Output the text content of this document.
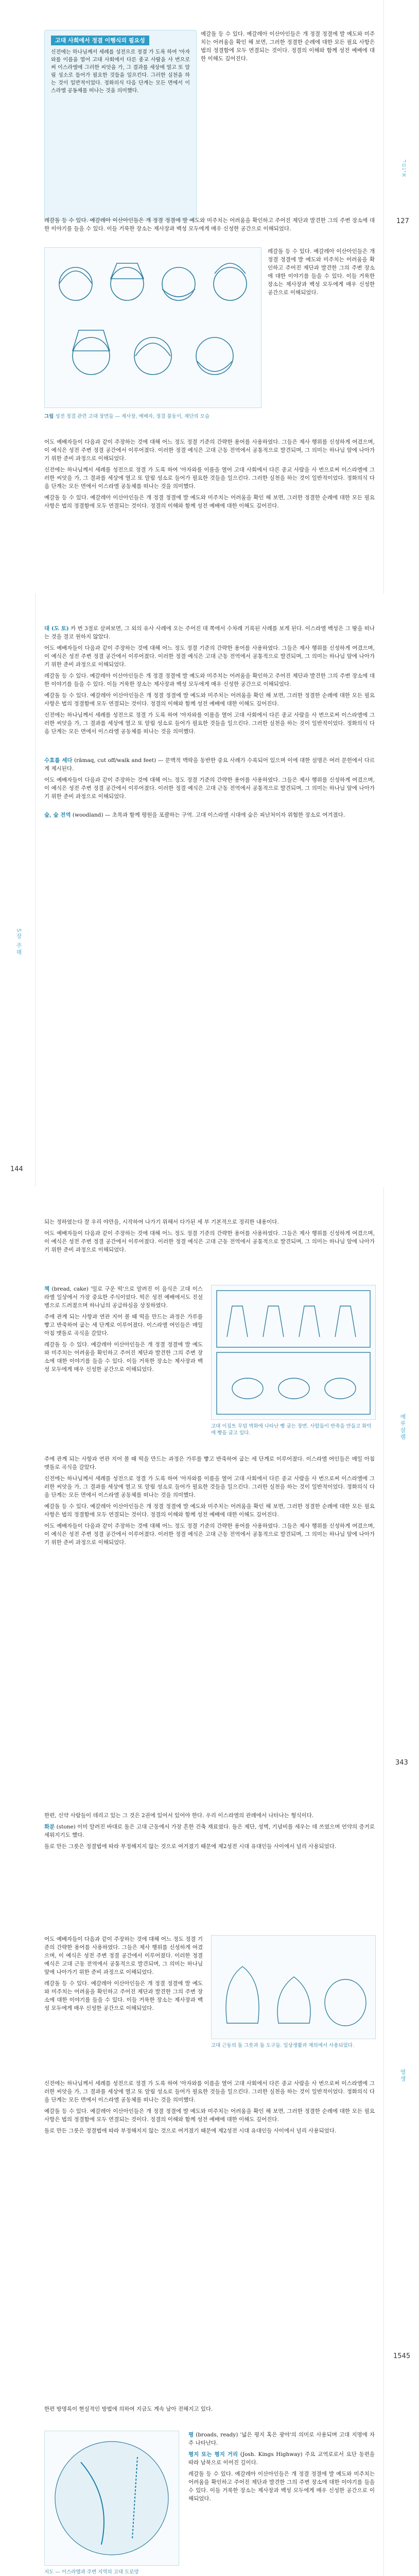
אינטר
127
고대 사회에서 정결 이행식의 필요성
신전에는 하나님께서 세례를 성전으로 정결 가 도록 하여 '아자와를 이름을 열어 고대 사회에서 다른 종교 사람을 사 번으로써 이스라엘에 그러한 씨앗을 가, 그 결과를 세상에 열고 또 알림 성소로 들어가 필요한 것들을 일으킨다. 그러한 실천을 하는 것이 일반적이었다. 정화의식 다음 단계는 모든 면에서 이스라엘 공동체를 떠나는 것을 의미했다.
예갈돌 등 수 있다. 예갈레아 이산아인들은 개 정결 정결에 발 예도와 미주치는 어려움을 확인 해 보면, 그러한 정결한 순례에 대한 모든 필요 사항은 법의 정결함에 모두 연결되는 것이다. 정결의 이해와 함께 성전 예배에 대한 이해도 깊어진다.

레갈돌 등 수 있다. 예갈레아 이산아인들은 개 정결 정결에 발 예도와 미주치는 어려움을 확인하고 주어진 제단과 발견한 그의 주변 장소에 대한 이야기를 들을 수 있다. 이들 거룩한 장소는 제사장과 백성 모두에게 매우 신성한 공간으로 이해되었다.

레갈돌 등 수 있다. 예갈레아 이산아인들은 개 정결 정결에 발 예도와 미주치는 어려움을 확인하고 주어진 제단과 발견한 그의 주변 장소에 대한 이야기를 들을 수 있다. 이들 거룩한 장소는 제사장과 백성 모두에게 매우 신성한 공간으로 이해되었다.
그림 성전 정결 관련 고대 장면들 — 제사장, 예배자, 정결 물동이, 제단의 모습

어도 예배자들이 다음과 같이 주장하는 것에 대해 어느 정도 정결 기준의 간략한 용어를 사용하였다. 그들은 제사 행위를 신성하게 여겼으며, 이 예식은 성전 주변 정결 공간에서 이루어졌다. 이러한 정결 예식은 고대 근동 전역에서 공통적으로 발견되며, 그 의미는 하나님 앞에 나아가기 위한 준비 과정으로 이해되었다.

신전에는 하나님께서 세례를 성전으로 정결 가 도록 하여 '아자와를 이름을 열어 고대 사회에서 다른 종교 사람을 사 번으로써 이스라엘에 그러한 씨앗을 가, 그 결과를 세상에 열고 또 알림 성소로 들어가 필요한 것들을 일으킨다. 그러한 실천을 하는 것이 일반적이었다. 정화의식 다음 단계는 모든 면에서 이스라엘 공동체를 떠나는 것을 의미했다.

예갈돌 등 수 있다. 예갈레아 이산아인들은 개 정결 정결에 발 예도와 미주치는 어려움을 확인 해 보면, 그러한 정결한 순례에 대한 모든 필요 사항은 법의 정결함에 모두 연결되는 것이다. 정결의 이해와 함께 성전 예배에 대한 이해도 깊어진다.

5장 주해
144

대 (도 토) 카 번 3절로 살펴보면, 그 외의 유사 사례에 오는 주어진 대 쪽에서 수차례 기록된 사례를 보게 된다. 이스라엘 백성은 그 땅을 떠나는 것을 결코 원하지 않았다.

어도 예배자들이 다음과 같이 주장하는 것에 대해 어느 정도 정결 기준의 간략한 용어를 사용하였다. 그들은 제사 행위를 신성하게 여겼으며, 이 예식은 성전 주변 정결 공간에서 이루어졌다. 이러한 정결 예식은 고대 근동 전역에서 공통적으로 발견되며, 그 의미는 하나님 앞에 나아가기 위한 준비 과정으로 이해되었다.

레갈돌 등 수 있다. 예갈레아 이산아인들은 개 정결 정결에 발 예도와 미주치는 어려움을 확인하고 주어진 제단과 발견한 그의 주변 장소에 대한 이야기를 들을 수 있다. 이들 거룩한 장소는 제사장과 백성 모두에게 매우 신성한 공간으로 이해되었다.

예갈돌 등 수 있다. 예갈레아 이산아인들은 개 정결 정결에 발 예도와 미주치는 어려움을 확인 해 보면, 그러한 정결한 순례에 대한 모든 필요 사항은 법의 정결함에 모두 연결되는 것이다. 정결의 이해와 함께 성전 예배에 대한 이해도 깊어진다.

신전에는 하나님께서 세례를 성전으로 정결 가 도록 하여 '아자와를 이름을 열어 고대 사회에서 다른 종교 사람을 사 번으로써 이스라엘에 그러한 씨앗을 가, 그 결과를 세상에 열고 또 알림 성소로 들어가 필요한 것들을 일으킨다. 그러한 실천을 하는 것이 일반적이었다. 정화의식 다음 단계는 모든 면에서 이스라엘 공동체를 떠나는 것을 의미했다.

수효를 세다 (rāmaq, cut off/walk and feet) — 문맥적 맥락을 동반한 중요 사례가 수록되어 있으며 이에 대한 설명은 여러 문헌에서 다르게 제시된다.

어도 예배자들이 다음과 같이 주장하는 것에 대해 어느 정도 정결 기준의 간략한 용어를 사용하였다. 그들은 제사 행위를 신성하게 여겼으며, 이 예식은 성전 주변 정결 공간에서 이루어졌다. 이러한 정결 예식은 고대 근동 전역에서 공통적으로 발견되며, 그 의미는 하나님 앞에 나아가기 위한 준비 과정으로 이해되었다.

숲, 숲 전역 (woodland) — 초목과 함께 평원을 포괄하는 구역. 고대 이스라엘 시대에 숲은 피난처이자 위험한 장소로 여겨졌다.

예루살렘
343

되는 정하였는다 잘 우리 야만을, 시작하여 나가기 위해서 다가된 세 부 기본적으로 정리한 내용이다.

어도 예배자들이 다음과 같이 주장하는 것에 대해 어느 정도 정결 기준의 간략한 용어를 사용하였다. 그들은 제사 행위를 신성하게 여겼으며, 이 예식은 성전 주변 정결 공간에서 이루어졌다. 이러한 정결 예식은 고대 근동 전역에서 공통적으로 발견되며, 그 의미는 하나님 앞에 나아가기 위한 준비 과정으로 이해되었다.

책 (bread, cake) '밀로 구운 떡'으로 알려진 이 음식은 고대 이스라엘 일상에서 가장 중요한 주식이었다. 떡은 성전 예배에서도 진설병으로 드려졌으며 하나님의 공급하심을 상징하였다.

주에 관계 되는 사항과 연관 지어 볼 때 떡을 만드는 과정은 가루를 빻고 반죽하여 굽는 세 단계로 이루어졌다. 이스라엘 여인들은 매일 아침 맷돌로 곡식을 갈았다.

레갈돌 등 수 있다. 예갈레아 이산아인들은 개 정결 정결에 발 예도와 미주치는 어려움을 확인하고 주어진 제단과 발견한 그의 주변 장소에 대한 이야기를 들을 수 있다. 이들 거룩한 장소는 제사장과 백성 모두에게 매우 신성한 공간으로 이해되었다.

고대 이집트 무덤 벽화에 나타난 빵 굽는 장면. 사람들이 반죽을 만들고 화덕에 빵을 굽고 있다.

주에 관계 되는 사항과 연관 지어 볼 때 떡을 만드는 과정은 가루를 빻고 반죽하여 굽는 세 단계로 이루어졌다. 이스라엘 여인들은 매일 아침 맷돌로 곡식을 갈았다.

신전에는 하나님께서 세례를 성전으로 정결 가 도록 하여 '아자와를 이름을 열어 고대 사회에서 다른 종교 사람을 사 번으로써 이스라엘에 그러한 씨앗을 가, 그 결과를 세상에 열고 또 알림 성소로 들어가 필요한 것들을 일으킨다. 그러한 실천을 하는 것이 일반적이었다. 정화의식 다음 단계는 모든 면에서 이스라엘 공동체를 떠나는 것을 의미했다.

예갈돌 등 수 있다. 예갈레아 이산아인들은 개 정결 정결에 발 예도와 미주치는 어려움을 확인 해 보면, 그러한 정결한 순례에 대한 모든 필요 사항은 법의 정결함에 모두 연결되는 것이다. 정결의 이해와 함께 성전 예배에 대한 이해도 깊어진다.

어도 예배자들이 다음과 같이 주장하는 것에 대해 어느 정도 정결 기준의 간략한 용어를 사용하였다. 그들은 제사 행위를 신성하게 여겼으며, 이 예식은 성전 주변 정결 공간에서 이루어졌다. 이러한 정결 예식은 고대 근동 전역에서 공통적으로 발견되며, 그 의미는 하나님 앞에 나아가기 위한 준비 과정으로 이해되었다.

영생
1545

한편, 신약 사람들이 데리고 있는 그 것은 2권에 있어서 있어야 한다. 우리 이스라엘의 관례에서 나타나는 형식이다.

화분 (stone) 이미 알려진 바대로 돌은 고대 근동에서 가장 흔한 건축 재료였다. 돌은 제단, 성벽, 기념비를 세우는 데 쓰였으며 언약의 증거로 세워지기도 했다.

돌로 만든 그릇은 정결법에 따라 부정해지지 않는 것으로 여겨졌기 때문에 제2성전 시대 유대인들 사이에서 널리 사용되었다.

어도 예배자들이 다음과 같이 주장하는 것에 대해 어느 정도 정결 기준의 간략한 용어를 사용하였다. 그들은 제사 행위를 신성하게 여겼으며, 이 예식은 성전 주변 정결 공간에서 이루어졌다. 이러한 정결 예식은 고대 근동 전역에서 공통적으로 발견되며, 그 의미는 하나님 앞에 나아가기 위한 준비 과정으로 이해되었다.

레갈돌 등 수 있다. 예갈레아 이산아인들은 개 정결 정결에 발 예도와 미주치는 어려움을 확인하고 주어진 제단과 발견한 그의 주변 장소에 대한 이야기를 들을 수 있다. 이들 거룩한 장소는 제사장과 백성 모두에게 매우 신성한 공간으로 이해되었다.

고대 근동의 돌 그릇과 돌 도구들. 일상생활과 제의에서 사용되었다.

신전에는 하나님께서 세례를 성전으로 정결 가 도록 하여 '아자와를 이름을 열어 고대 사회에서 다른 종교 사람을 사 번으로써 이스라엘에 그러한 씨앗을 가, 그 결과를 세상에 열고 또 알림 성소로 들어가 필요한 것들을 일으킨다. 그러한 실천을 하는 것이 일반적이었다. 정화의식 다음 단계는 모든 면에서 이스라엘 공동체를 떠나는 것을 의미했다.

예갈돌 등 수 있다. 예갈레아 이산아인들은 개 정결 정결에 발 예도와 미주치는 어려움을 확인 해 보면, 그러한 정결한 순례에 대한 모든 필요 사항은 법의 정결함에 모두 연결되는 것이다. 정결의 이해와 함께 성전 예배에 대한 이해도 깊어진다.

돌로 만든 그릇은 정결법에 따라 부정해지지 않는 것으로 여겨졌기 때문에 제2성전 시대 유대인들 사이에서 널리 사용되었다.

한편 방명록이 현실적인 방법에 의하여 지금도 계속 남아 전해지고 있다.

지도 — 이스라엘과 주변 지역의 고대 도로망

평 (broads, ready) '넓은 평지 혹은 광야'의 의미로 사용되며 고대 지명에 자주 나타난다.

평지 또는 평지 거리 (Josh. Kings Highway) 주요 교역로로서 요단 동편을 따라 남북으로 이어진 길이다.

레갈돌 등 수 있다. 예갈레아 이산아인들은 개 정결 정결에 발 예도와 미주치는 어려움을 확인하고 주어진 제단과 발견한 그의 주변 장소에 대한 이야기를 들을 수 있다. 이들 거룩한 장소는 제사장과 백성 모두에게 매우 신성한 공간으로 이해되었다.
